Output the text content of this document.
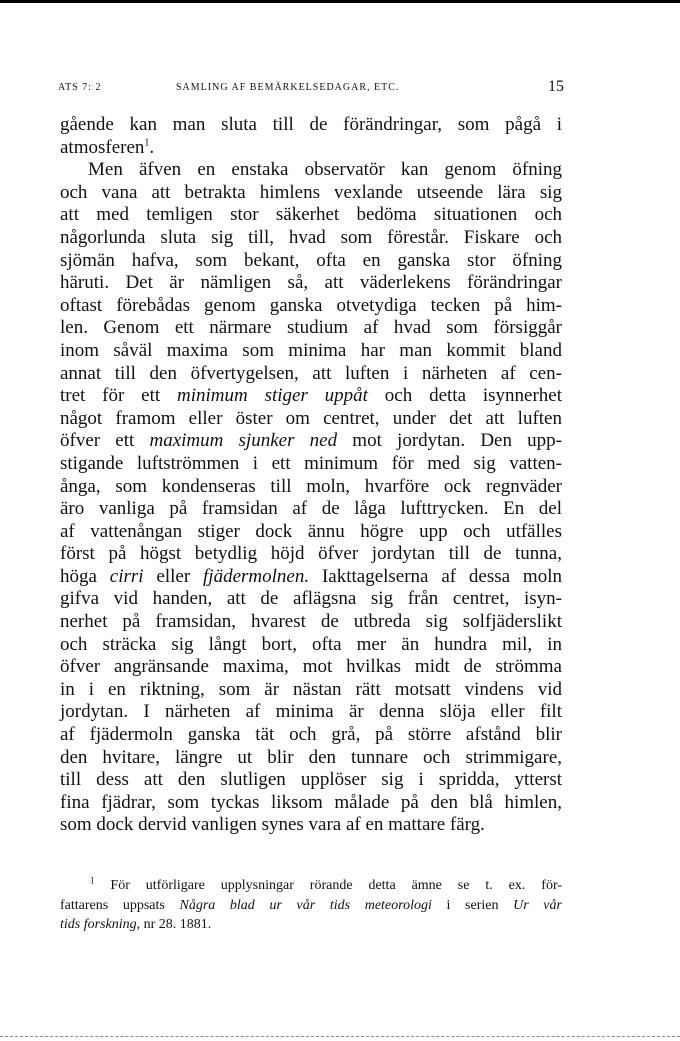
ATS 7: 2	SAMLING AF BEMÄRKELSEDAGAR, ETC.	15
gående kan man sluta till de förändringar, som pågå i
atmosferen$^1$.
Men äfven en enstaka observatör kan genom öfning
och vana att betrakta himlens vexlande utseende lära sig
att med temligen stor säkerhet bedöma situationen och
någorlunda sluta sig till, hvad som förestår. Fiskare och
sjömän hafva, som bekant, ofta en ganska stor öfning
häruti. Det är nämligen så, att väderlekens förändringar
oftast förebådas genom ganska otvetydiga tecken på him-
len. Genom ett närmare studium af hvad som försiggår
inom såväl maxima som minima har man kommit bland
annat till den öfvertygelsen, att luften i närheten af cen-
tret för ett minimum stiger uppåt och detta isynnerhet
något framom eller öster om centret, under det att luften
öfver ett maximum sjunker ned mot jordytan. Den upp-
stigande luftströmmen i ett minimum för med sig vatten-
ånga, som kondenseras till moln, hvarföre ock regnväder
äro vanliga på framsidan af de låga lufttrycken. En del
af vattenångan stiger dock ännu högre upp och utfälles
först på högst betydlig höjd öfver jordytan till de tunna,
höga cirri eller fjädermolnen. Iakttagelserna af dessa moln
gifva vid handen, att de aflägsna sig från centret, isyn-
nerhet på framsidan, hvarest de utbreda sig solfjäderslikt
och sträcka sig långt bort, ofta mer än hundra mil, in
öfver angränsande maxima, mot hvilkas midt de strömma
in i en riktning, som är nästan rätt motsatt vindens vid
jordytan. I närheten af minima är denna slöja eller filt
af fjädermoln ganska tät och grå, på större afstånd blir
den hvitare, längre ut blir den tunnare och strimmigare,
till dess att den slutligen upplöser sig i spridda, ytterst
fina fjädrar, som tyckas liksom målade på den blå himlen,
som dock dervid vanligen synes vara af en mattare färg.
$^1$ För utförligare upplysningar rörande detta ämne se t. ex. för-
fattarens uppsats Några blad ur vår tids meteorologi i serien Ur vår
tids forskning, nr 28. 1881.
